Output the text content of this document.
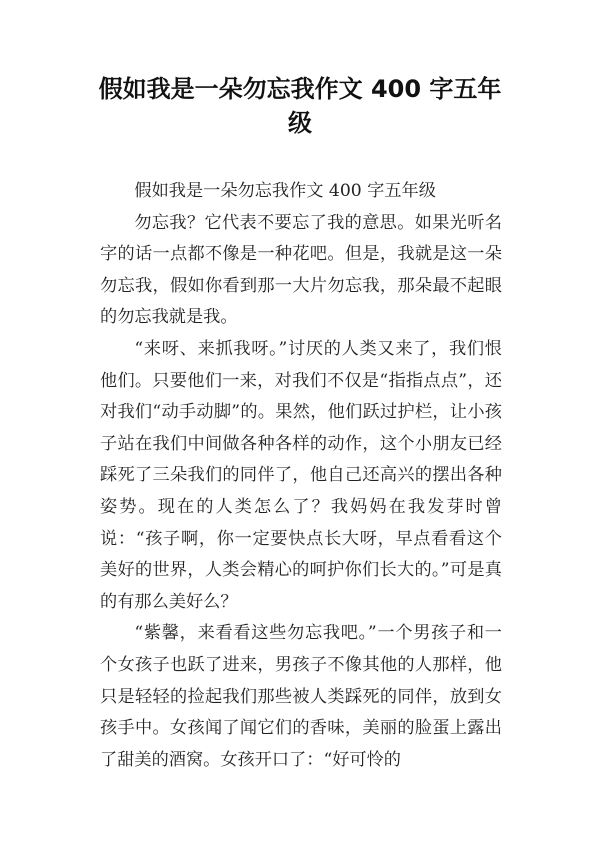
假如我是一朵勿忘我作文 400 字五年级

假如我是一朵勿忘我作文 400 字五年级

勿忘我？它代表不要忘了我的意思。如果光听名字的话一点都不像是一种花吧。但是，我就是这一朵勿忘我，假如你看到那一大片勿忘我，那朵最不起眼的勿忘我就是我。

“来呀、来抓我呀。”讨厌的人类又来了，我们恨他们。只要他们一来，对我们不仅是“指指点点”，还对我们“动手动脚”的。果然，他们跃过护栏，让小孩子站在我们中间做各种各样的动作，这个小朋友已经踩死了三朵我们的同伴了，他自己还高兴的摆出各种姿势。现在的人类怎么了？我妈妈在我发芽时曾说：“孩子啊，你一定要快点长大呀，早点看看这个美好的世界，人类会精心的呵护你们长大的。”可是真的有那么美好么？

“紫馨，来看看这些勿忘我吧。”一个男孩子和一个女孩子也跃了进来，男孩子不像其他的人那样，他只是轻轻的捡起我们那些被人类踩死的同伴，放到女孩手中。女孩闻了闻它们的香味，美丽的脸蛋上露出了甜美的酒窝。女孩开口了：“好可怜的
